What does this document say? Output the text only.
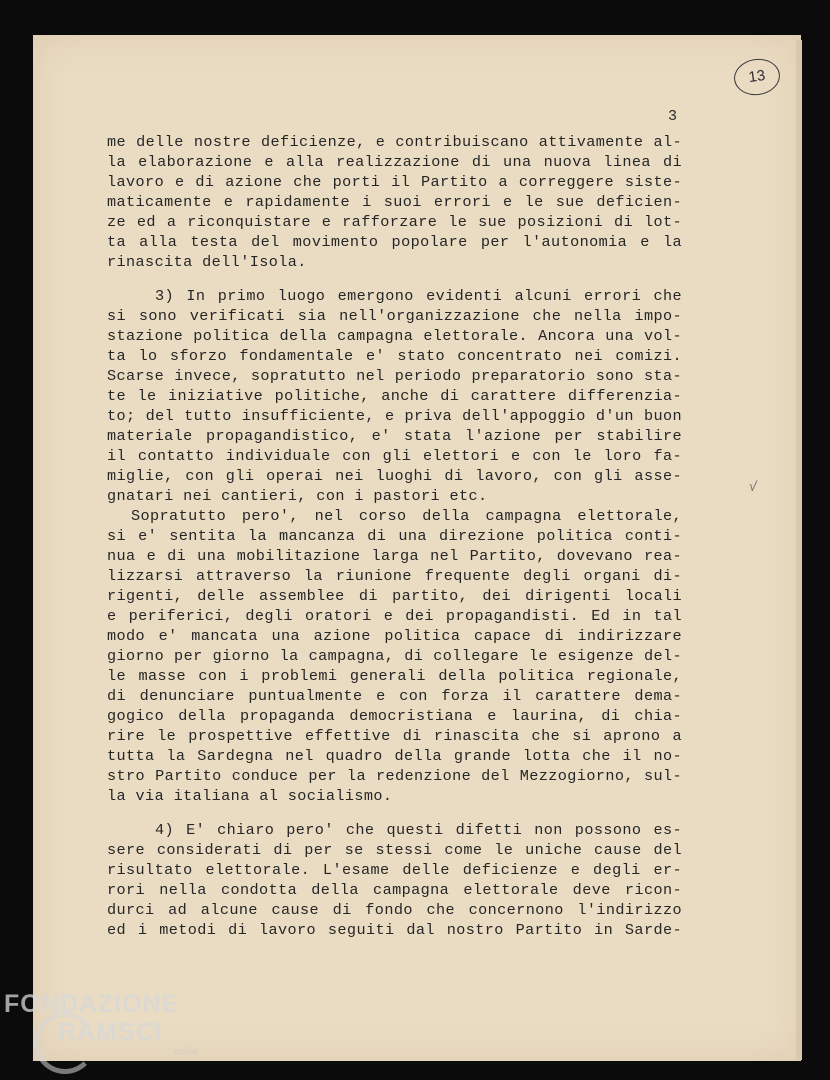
13
3
√
me delle nostre deficienze, e contribuiscano attivamente al-
la elaborazione e alla realizzazione di una nuova linea di
lavoro e di azione che porti il Partito a correggere siste-
maticamente e rapidamente i suoi errori e le sue deficien-
ze ed a riconquistare e rafforzare le sue posizioni di lot-
ta alla testa del movimento popolare per l'autonomia e la
rinascita dell'Isola.
3) In primo luogo emergono evidenti alcuni errori che
si sono verificati sia nell'organizzazione che nella impo-
stazione politica della campagna elettorale. Ancora una vol-
ta lo sforzo fondamentale e' stato concentrato nei comizi.
Scarse invece, sopratutto nel periodo preparatorio sono sta-
te le iniziative politiche, anche di carattere differenzia-
to; del tutto insufficiente, e priva dell'appoggio d'un buon
materiale propagandistico, e' stata l'azione per stabilire
il contatto individuale con gli elettori e con le loro fa-
miglie, con gli operai nei luoghi di lavoro, con gli asse-
gnatari nei cantieri, con i pastori etc.
Sopratutto pero', nel corso della campagna elettorale,
si e' sentita la mancanza di una direzione politica conti-
nua e di una mobilitazione larga nel Partito, dovevano rea-
lizzarsi attraverso la riunione frequente degli organi di-
rigenti, delle assemblee di partito, dei dirigenti locali
e periferici, degli oratori e dei propagandisti. Ed in tal
modo e' mancata una azione politica capace di indirizzare
giorno per giorno la campagna, di collegare le esigenze del-
le masse con i problemi generali della politica regionale,
di denunciare puntualmente e con forza il carattere dema-
gogico della propaganda democristiana e laurina, di chia-
rire le prospettive effettive di rinascita che si aprono a
tutta la Sardegna nel quadro della grande lotta che il no-
stro Partito conduce per la redenzione del Mezzogiorno, sul-
la via italiana al socialismo.
4) E' chiaro pero' che questi difetti non possono es-
sere considerati di per se stessi come le uniche cause del
risultato elettorale. L'esame delle deficienze e degli er-
rori nella condotta della campagna elettorale deve ricon-
durci ad alcune cause di fondo che concernono l'indirizzo
ed i metodi di lavoro seguiti dal nostro Partito in Sarde-
FONDAZIONE
RAMSCI
online
